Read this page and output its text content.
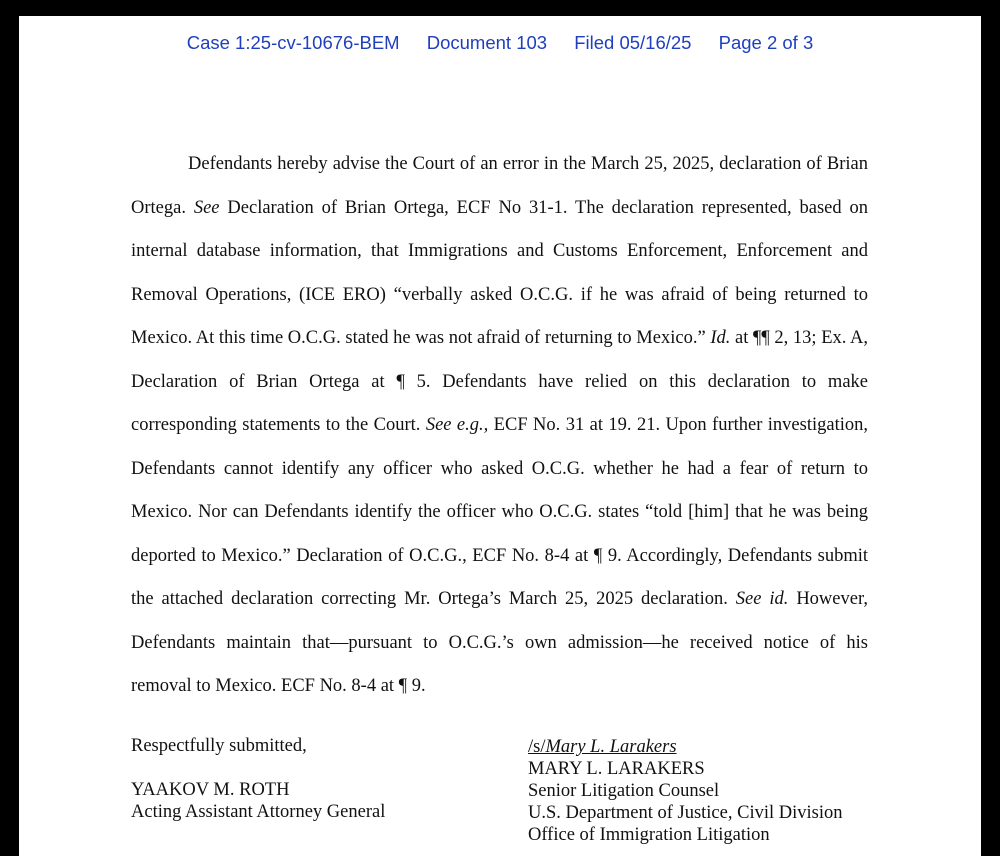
Case 1:25-cv-10676-BEM Document 103 Filed 05/16/25 Page 2 of 3

Defendants hereby advise the Court of an error in the March 25, 2025, declaration of Brian Ortega. See Declaration of Brian Ortega, ECF No 31-1. The declaration represented, based on internal database information, that Immigrations and Customs Enforcement, Enforcement and Removal Operations, (ICE ERO) “verbally asked O.C.G. if he was afraid of being returned to Mexico. At this time O.C.G. stated he was not afraid of returning to Mexico.” Id. at ¶¶ 2, 13; Ex. A, Declaration of Brian Ortega at ¶ 5. Defendants have relied on this declaration to make corresponding statements to the Court. See e.g., ECF No. 31 at 19. 21. Upon further investigation, Defendants cannot identify any officer who asked O.C.G. whether he had a fear of return to Mexico. Nor can Defendants identify the officer who O.C.G. states “told [him] that he was being deported to Mexico.” Declaration of O.C.G., ECF No. 8-4 at ¶ 9. Accordingly, Defendants submit the attached declaration correcting Mr. Ortega’s March 25, 2025 declaration. See id. However, Defendants maintain that—pursuant to O.C.G.’s own admission—he received notice of his removal to Mexico. ECF No. 8-4 at ¶ 9.

Respectfully submitted,
YAAKOV M. ROTH
Acting Assistant Attorney General
/s/Mary L. Larakers
MARY L. LARAKERS
Senior Litigation Counsel
U.S. Department of Justice, Civil Division
Office of Immigration Litigation
